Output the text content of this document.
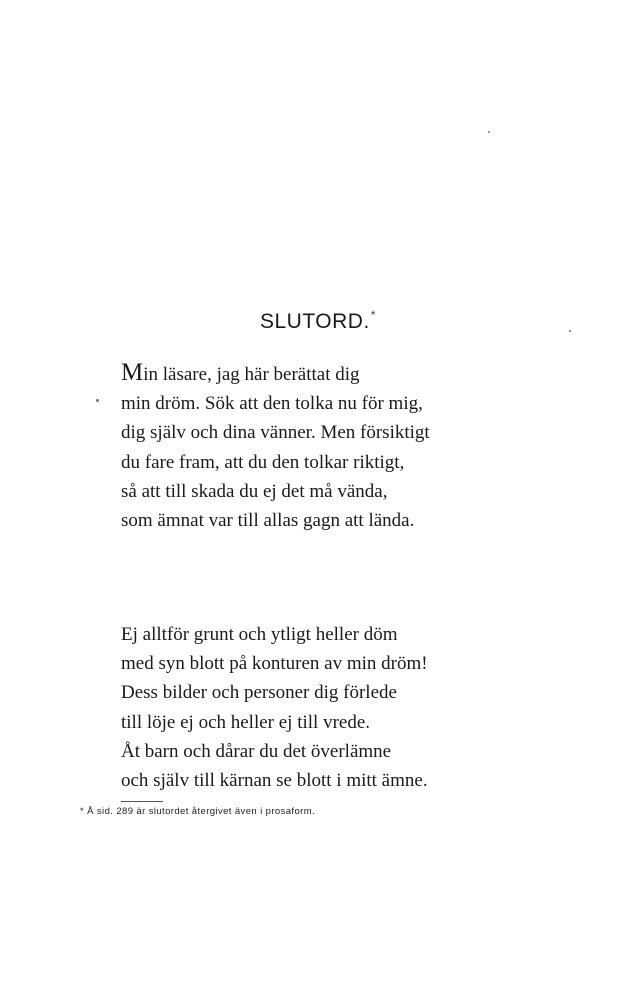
SLUTORD.*
Min läsare, jag här berättat dig
min dröm. Sök att den tolka nu för mig,
dig själv och dina vänner. Men försiktigt
du fare fram, att du den tolkar riktigt,
så att till skada du ej det må vända,
som ämnat var till allas gagn att lända.
Ej alltför grunt och ytligt heller döm
med syn blott på konturen av min dröm!
Dess bilder och personer dig förlede
till löje ej och heller ej till vrede.
Åt barn och dårar du det överlämne
och själv till kärnan se blott i mitt ämne.
* Å sid. 289 är slutordet återgivet även i prosaform.
